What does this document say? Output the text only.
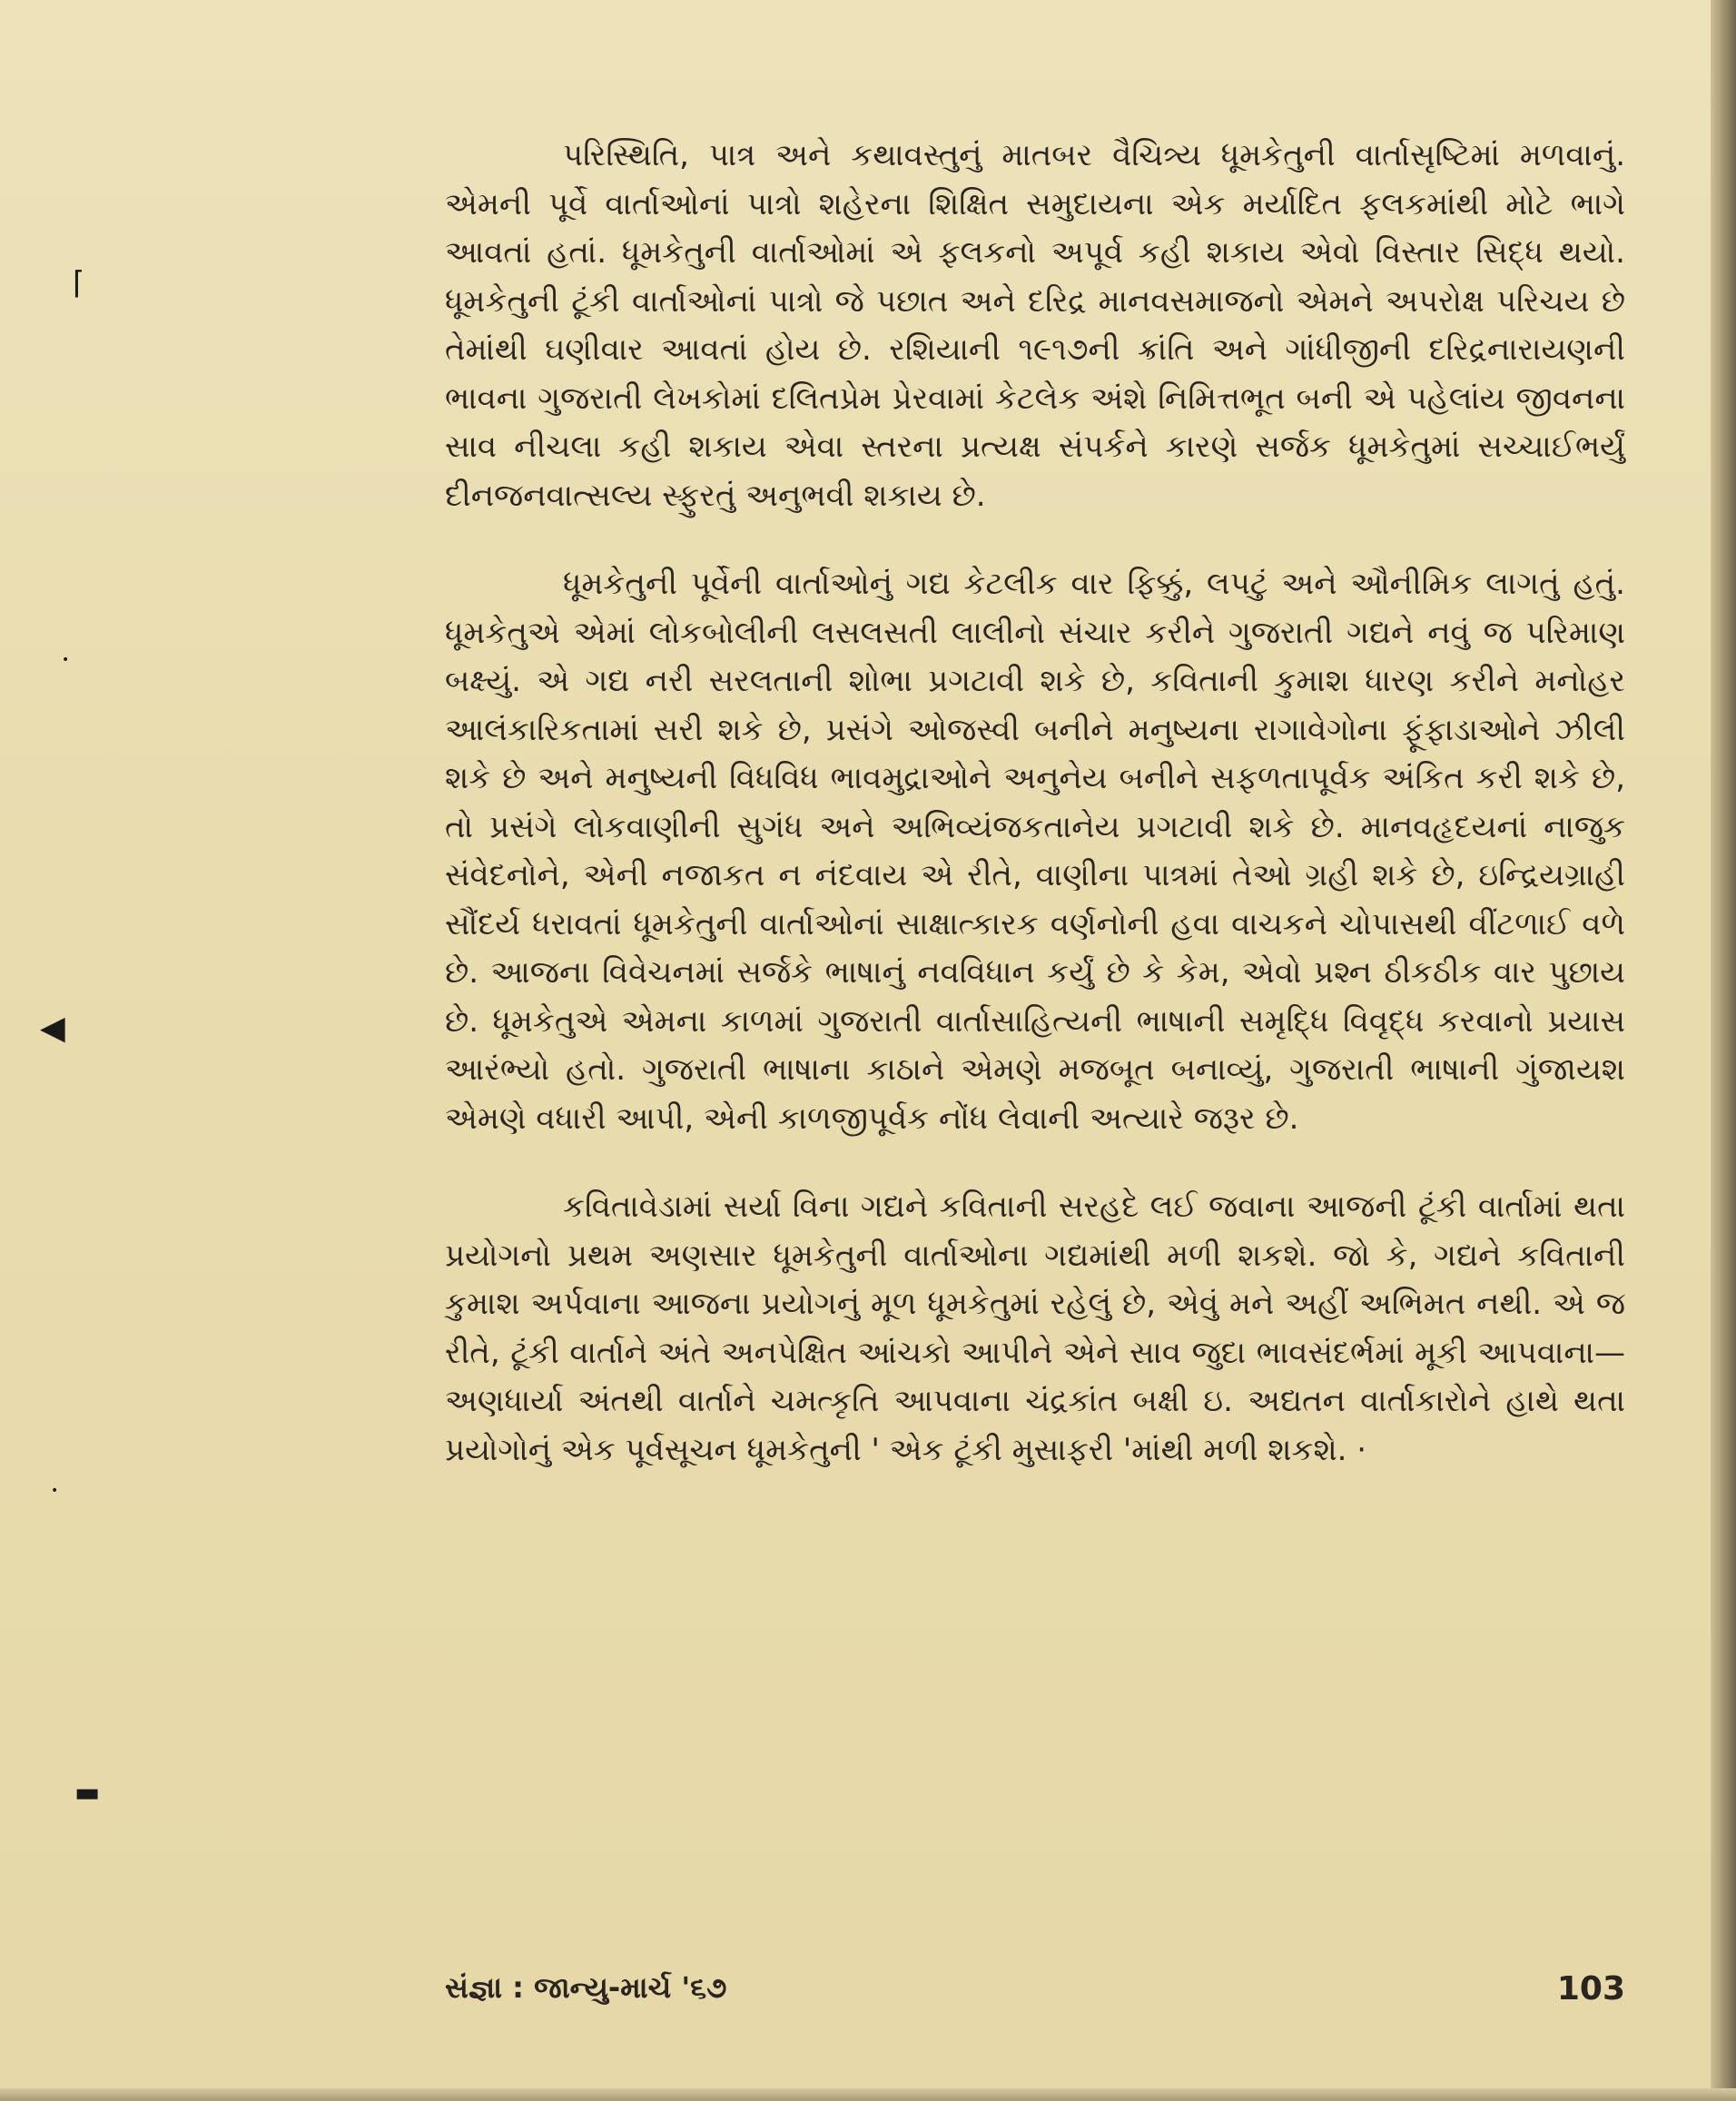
⌈
•
◀
•
▬

પરિસ્થિતિ, પાત્ર અને કથાવસ્તુનું માતબર વૈચિત્ર્ય ધૂમકેતુની વાર્તાસૃષ્ટિમાં મળવાનું. એમની પૂર્વે વાર્તાઓનાં પાત્રો શહેરના શિક્ષિત સમુદાયના એક મર્યાદિત ફલકમાંથી મોટે ભાગે આવતાં હતાં. ધૂમકેતુની વાર્તાઓમાં એ ફલકનો અપૂર્વ કહી શકાય એવો વિસ્તાર સિદ્ધ થયો. ધૂમકેતુની ટૂંકી વાર્તાઓનાં પાત્રો જે પછાત અને દરિદ્ર માનવસમાજનો એમને અપરોક્ષ પરિચય છે તેમાંથી ઘણીવાર આવતાં હોય છે. રશિયાની ૧૯૧૭ની ક્રાંતિ અને ગાંધીજીની દરિદ્રનારાયણની ભાવના ગુજરાતી લેખકોમાં દલિતપ્રેમ પ્રેરવામાં કેટલેક અંશે નિમિત્તભૂત બની એ પહેલાંય જીવનના સાવ નીચલા કહી શકાય એવા સ્તરના પ્રત્યક્ષ સંપર્કને કારણે સર્જક ધૂમકેતુમાં સચ્ચાઈભર્યું દીનજનવાત્સલ્ય સ્ફુરતું અનુભવી શકાય છે.

ધૂમકેતુની પૂર્વેની વાર્તાઓનું ગદ્ય કેટલીક વાર ફિક્કું, લપટું અને ઔનીમિક લાગતું હતું. ધૂમકેતુએ એમાં લોકબોલીની લસલસતી લાલીનો સંચાર કરીને ગુજરાતી ગદ્યને નવું જ પરિમાણ બક્ષ્યું. એ ગદ્ય નરી સરલતાની શોભા પ્રગટાવી શકે છે, કવિતાની કુમાશ ધારણ કરીને મનોહર આલંકારિકતામાં સરી શકે છે, પ્રસંગે ઓજસ્વી બનીને મનુષ્યના રાગાવેગોના ફૂંફાડાઓને ઝીલી શકે છે અને મનુષ્યની વિધવિધ ભાવમુદ્રાઓને અનુનેય બનીને સફળતાપૂર્વક અંકિત કરી શકે છે, તો પ્રસંગે લોકવાણીની સુગંધ અને અભિવ્યંજકતાનેય પ્રગટાવી શકે છે. માનવહૃદયનાં નાજુક સંવેદનોને, એની નજાકત ન નંદવાય એ રીતે, વાણીના પાત્રમાં તેઓ ગ્રહી શકે છે, ઇન્દ્રિયગ્રાહી સૌંદર્ય ધરાવતાં ધૂમકેતુની વાર્તાઓનાં સાક્ષાત્કારક વર્ણનોની હવા વાચકને ચોપાસથી વીંટળાઈ વળે છે. આજના વિવેચનમાં સર્જકે ભાષાનું નવવિધાન કર્યું છે કે કેમ, એવો પ્રશ્ન ઠીકઠીક વાર પુછાય છે. ધૂમકેતુએ એમના કાળમાં ગુજરાતી વાર્તાસાહિત્યની ભાષાની સમૃદ્ધિ વિવૃદ્ધ કરવાનો પ્રયાસ આરંભ્યો હતો. ગુજરાતી ભાષાના કાઠાને એમણે મજબૂત બનાવ્યું, ગુજરાતી ભાષાની ગુંજાયશ એમણે વધારી આપી, એની કાળજીપૂર્વક નોંધ લેવાની અત્યારે જરૂર છે.

કવિતાવેડામાં સર્યા વિના ગદ્યને કવિતાની સરહદે લઈ જવાના આજની ટૂંકી વાર્તામાં થતા પ્રયોગનો પ્રથમ અણસાર ધૂમકેતુની વાર્તાઓના ગદ્યમાંથી મળી શકશે. જો કે, ગદ્યને કવિતાની કુમાશ અર્પવાના આજના પ્રયોગનું મૂળ ધૂમકેતુમાં રહેલું છે, એવું મને અહીં અભિમત નથી. એ જ રીતે, ટૂંકી વાર્તાને અંતે અનપેક્ષિત આંચકો આપીને એને સાવ જુદા ભાવસંદર્ભમાં મૂકી આપવાના— અણધાર્યા અંતથી વાર્તાને ચમત્કૃતિ આપવાના ચંદ્રકાંત બક્ષી ઇ. અદ્યતન વાર્તાકારોને હાથે થતા પ્રયોગોનું એક પૂર્વસૂચન ધૂમકેતુની ' એક ટૂંકી મુસાફરી 'માંથી મળી શકશે. ·

સંજ્ઞા : જાન્યુ-માર્ચ '૬૭	103
